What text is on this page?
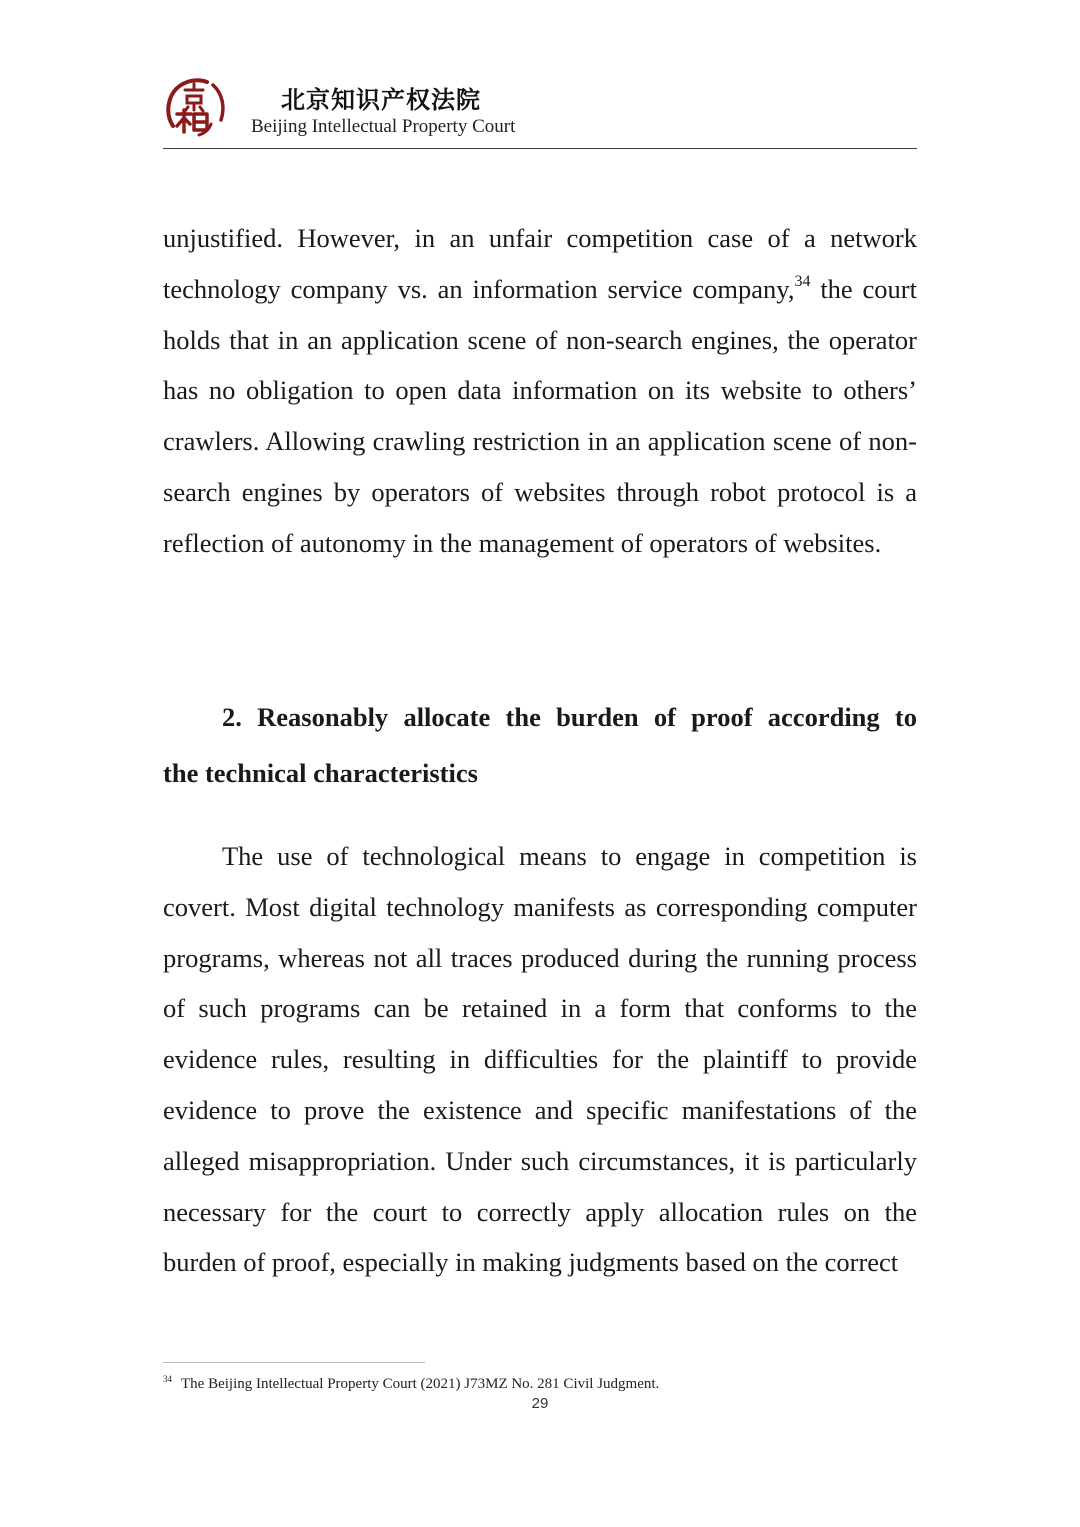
北京知识产权法院
Beijing Intellectual Property Court

unjustified. However, in an unfair competition case of a network technology company vs. an information service company,$^{34}$ the court holds that in an application scene of non-search engines, the operator has no obligation to open data information on its website to others’ crawlers. Allowing crawling restriction in an application scene of non-search engines by operators of websites through robot protocol is a reflection of autonomy in the management of operators of websites.

2. Reasonably allocate the burden of proof according to
the technical characteristics

The use of technological means to engage in competition is covert. Most digital technology manifests as corresponding computer programs, whereas not all traces produced during the running process of such programs can be retained in a form that conforms to the evidence rules, resulting in difficulties for the plaintiff to provide evidence to prove the existence and specific manifestations of the alleged misappropriation. Under such circumstances, it is particularly necessary for the court to correctly apply allocation rules on the burden of proof, especially in making judgments based on the correct

$^{34}$ The Beijing Intellectual Property Court (2021) J73MZ No. 281 Civil Judgment.
29
